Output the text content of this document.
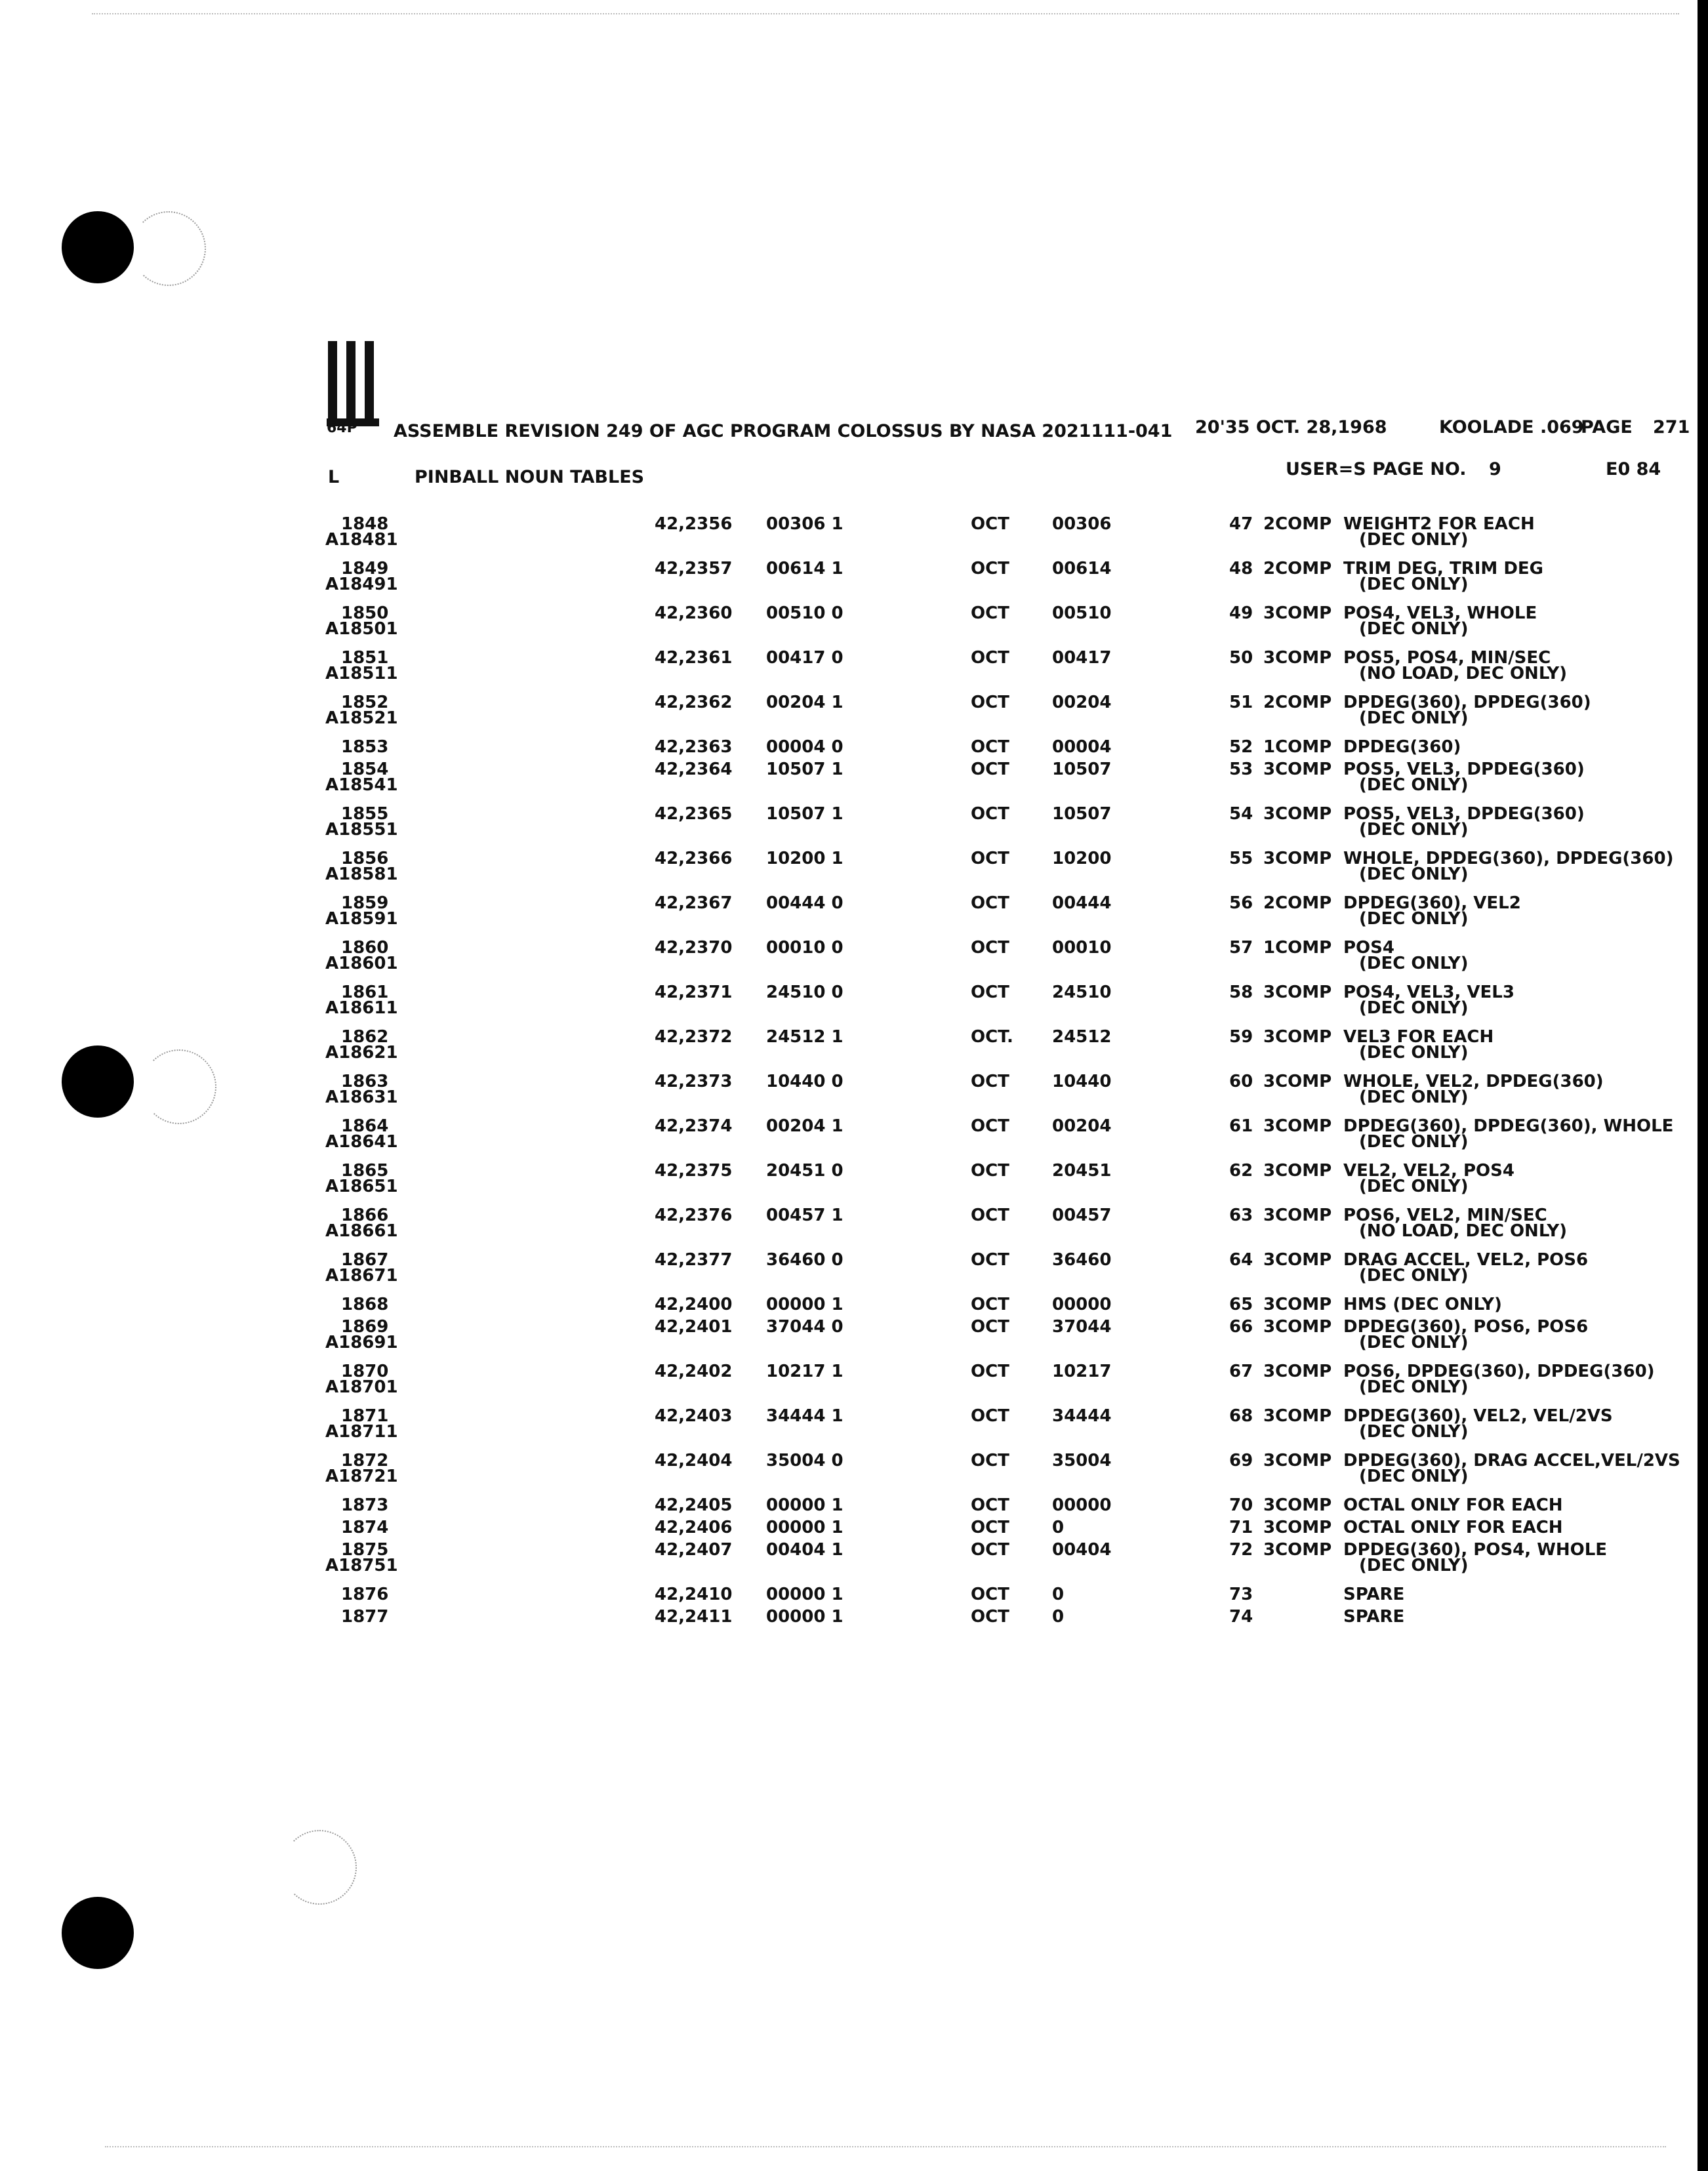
64P ASSEMBLE REVISION 249 OF AGC PROGRAM COLOSSUS BY NASA 2021111-041 20'35 OCT. 28,1968	KOOLADE .069
PAGE 271
USER=S PAGE NO. 9	E0 84
L	PINBALL NOUN TABLES
1848	42,2356 00306 1	OCT	00306	47 2COMP WEIGHT2 FOR EACH
A18481	(DEC ONLY)
1849	42,2357 00614 1	OCT	00614	48 2COMP TRIM DEG, TRIM DEG
A18491	(DEC ONLY)
1850	42,2360 00510 0	OCT	00510	49 3COMP POS4, VEL3, WHOLE
A18501	(DEC ONLY)
1851	42,2361 00417 0	OCT	00417	50 3COMP POS5, POS4, MIN/SEC
A18511	(NO LOAD, DEC ONLY)
1852	42,2362 00204 1	OCT	00204	51 2COMP DPDEG(360), DPDEG(360)
A18521	(DEC ONLY)
1853	42,2363 00004 0	OCT	00004	52 1COMP DPDEG(360)
1854	42,2364 10507 1	OCT	10507	53 3COMP POS5, VEL3, DPDEG(360)
A18541	(DEC ONLY)
1855	42,2365 10507 1	OCT	10507	54 3COMP POS5, VEL3, DPDEG(360)
A18551	(DEC ONLY)
1856	42,2366 10200 1	OCT	10200	55 3COMP WHOLE, DPDEG(360), DPDEG(360)
A18581	(DEC ONLY)
1859	42,2367 00444 0	OCT	00444	56 2COMP DPDEG(360), VEL2
A18591	(DEC ONLY)
1860	42,2370 00010 0	OCT	00010	57 1COMP POS4
A18601	(DEC ONLY)
1861	42,2371 24510 0	OCT	24510	58 3COMP POS4, VEL3, VEL3
A18611	(DEC ONLY)
1862	42,2372 24512 1	OCT. 24512	59 3COMP VEL3 FOR EACH
A18621	(DEC ONLY)
1863	42,2373 10440 0	OCT	10440	60 3COMP WHOLE, VEL2, DPDEG(360)
A18631	(DEC ONLY)
1864	42,2374 00204 1	OCT	00204	61 3COMP DPDEG(360), DPDEG(360), WHOLE
A18641	(DEC ONLY)
1865	42,2375 20451 0	OCT	20451	62 3COMP VEL2, VEL2, POS4
A18651	(DEC ONLY)
1866	42,2376 00457 1	OCT	00457	63 3COMP POS6, VEL2, MIN/SEC
A18661	(NO LOAD, DEC ONLY)
1867	42,2377 36460 0	OCT	36460	64 3COMP DRAG ACCEL, VEL2, POS6
A18671	(DEC ONLY)
1868	42,2400 00000 1	OCT	00000	65 3COMP HMS (DEC ONLY)
1869	42,2401 37044 0	OCT	37044	66 3COMP DPDEG(360), POS6, POS6
A18691	(DEC ONLY)
1870	42,2402 10217 1	OCT	10217	67 3COMP POS6, DPDEG(360), DPDEG(360)
A18701	(DEC ONLY)
1871	42,2403 34444 1	OCT	34444	68 3COMP DPDEG(360), VEL2, VEL/2VS
A18711	(DEC ONLY)
1872	42,2404 35004 0	OCT	35004	69 3COMP DPDEG(360), DRAG ACCEL,VEL/2VS
A18721	(DEC ONLY)
1873	42,2405 00000 1	OCT	00000	70 3COMP OCTAL ONLY FOR EACH
1874	42,2406 00000 1	OCT	0	71 3COMP OCTAL ONLY FOR EACH
1875	42,2407 00404 1	OCT	00404	72 3COMP DPDEG(360), POS4, WHOLE
A18751	(DEC ONLY)
1876	42,2410 00000 1	OCT	0	73	SPARE
1877	42,2411 00000 1	OCT	0	74	SPARE
